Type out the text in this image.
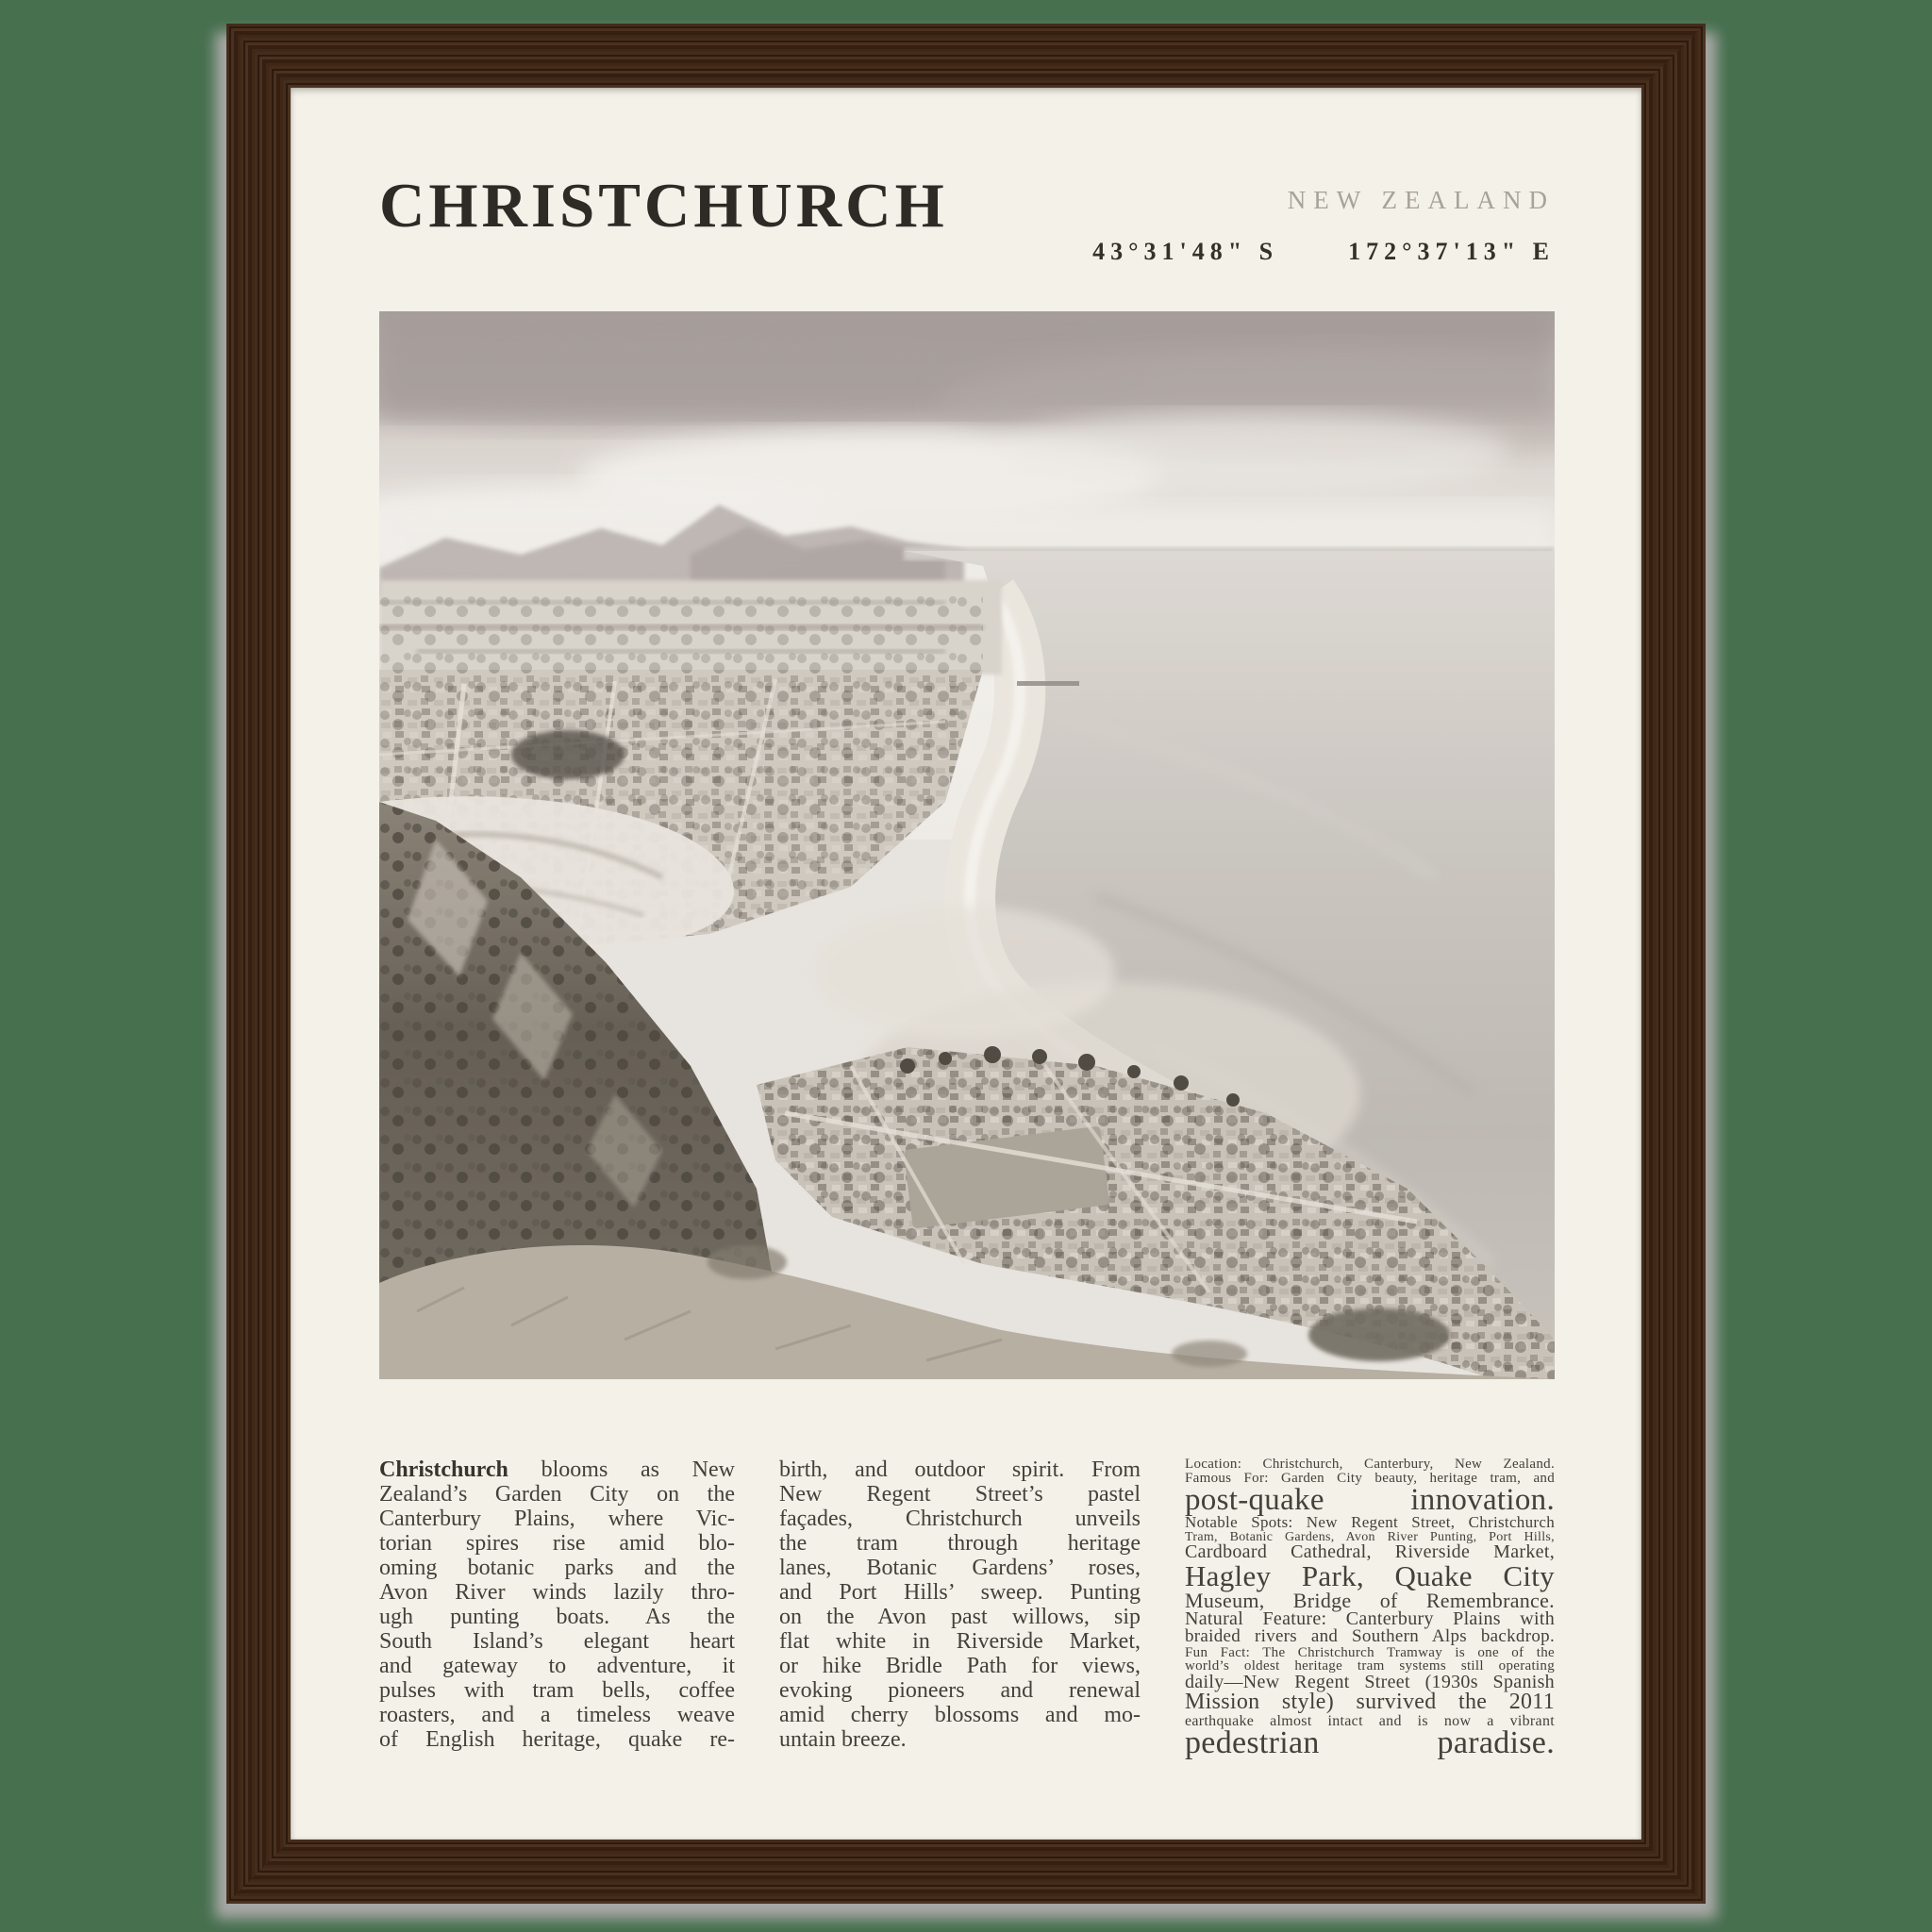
CHRISTCHURCH	NEW ZEALAND
43°31'48" S	172°37'13" E
Christchurch blooms as New
Zealand’s Garden City on the
Canterbury Plains, where Vic-
torian spires rise amid blo-
oming botanic parks and the
Avon River winds lazily thro-
ugh punting boats. As the
South Island’s elegant heart
and gateway to adventure, it
pulses with tram bells, coffee
roasters, and a timeless weave
of English heritage, quake re-
birth, and outdoor spirit. From
New Regent Street’s pastel
façades, Christchurch unveils
the tram through heritage
lanes, Botanic Gardens’ roses,
and Port Hills’ sweep. Punting
on the Avon past willows, sip
flat white in Riverside Market,
or hike Bridle Path for views,
evoking pioneers and renewal
amid cherry blossoms and mo-
untain breeze.
Location: Christchurch, Canterbury, New Zealand.
Famous For: Garden City beauty, heritage tram, and
post-quake innovation.
Notable Spots: New Regent Street, Christchurch
Tram, Botanic Gardens, Avon River Punting, Port Hills,
Cardboard Cathedral, Riverside Market,
Hagley Park, Quake City
Museum, Bridge of Remembrance.
Natural Feature: Canterbury Plains with
braided rivers and Southern Alps backdrop.
Fun Fact: The Christchurch Tramway is one of the
world’s oldest heritage tram systems still operating
daily—New Regent Street (1930s Spanish
Mission style) survived the 2011
earthquake almost intact and is now a vibrant
pedestrian paradise.
